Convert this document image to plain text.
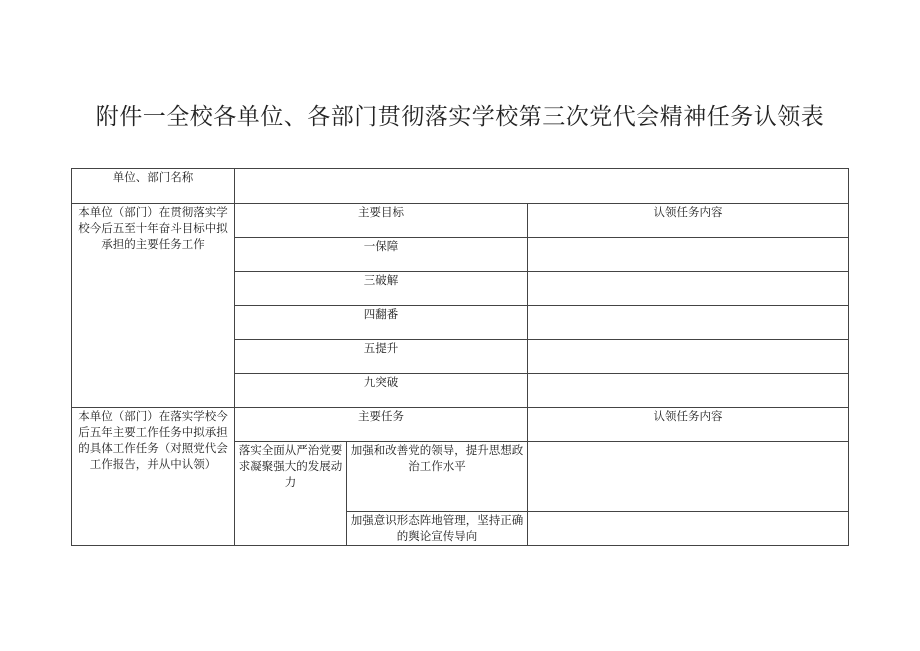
附件一全校各单位、各部门贯彻落实学校第三次党代会精神任务认领表
单位、部门名称			
本单位（部门）在贯彻落实学校今后五至十年奋斗目标中拟承担的主要任务工作	主要目标		认领任务内容
	一保障		
	三破解		
	四翻番		
	五提升		
	九突破		
本单位（部门）在落实学校今后五年主要工作任务中拟承担的具体工作任务（对照党代会工作报告，并从中认领）	主要任务		认领任务内容
	落实全面从严治党要求凝聚强大的发展动力	加强和改善党的领导，提升思想政治工作水平	
		加强意识形态阵地管理，坚持正确的舆论宣传导向	
